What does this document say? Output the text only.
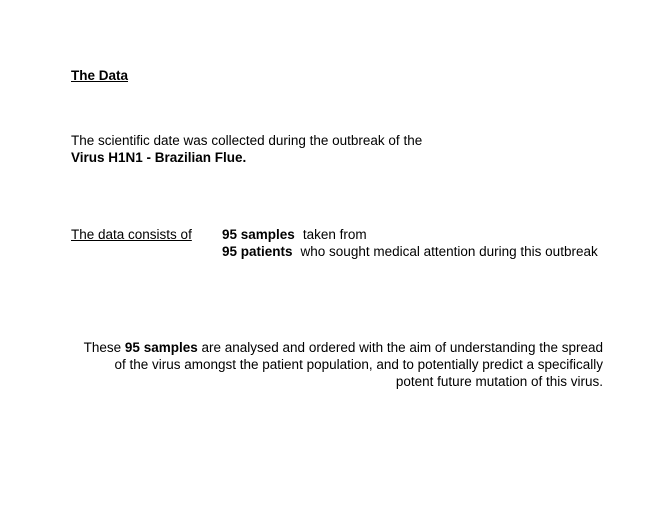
The Data
The scientific date was collected during the outbreak of the
Virus H1N1 - Brazilian Flue.
The data consists of 95 samples taken from
95 patients who sought medical attention during this outbreak
These 95 samples are analysed and ordered with the aim of understanding the spread
of the virus amongst the patient population, and to potentially predict a specifically
potent future mutation of this virus.
